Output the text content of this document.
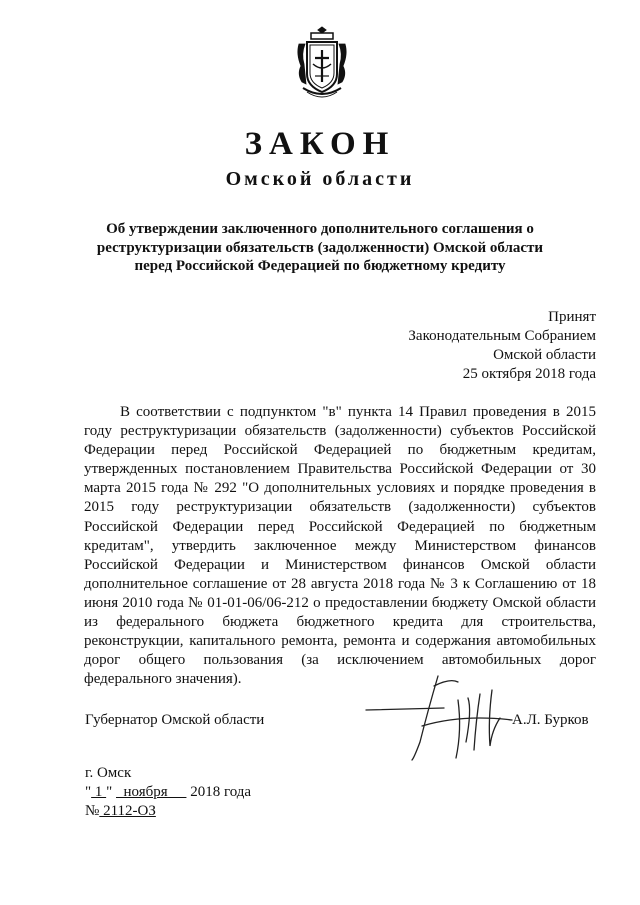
ЗАКОН
Омской области
Об утверждении заключенного дополнительного соглашения о реструктуризации обязательств (задолженности) Омской области перед Российской Федерацией по бюджетному кредиту
Принят
Законодательным Собранием
Омской области
25 октября 2018 года

В соответствии с подпунктом "в" пункта 14 Правил проведения в 2015 году реструктуризации обязательств (задолженности) субъектов Российской Федерации перед Российской Федерацией по бюджетным кредитам, утвержденных постановлением Правительства Российской Федерации от 30 марта 2015 года № 292 "О дополнительных условиях и порядке проведения в 2015 году реструктуризации обязательств (задолженности) субъектов Российской Федерации перед Российской Федерацией по бюджетным кредитам", утвердить заключенное между Министерством финансов Российской Федерации и Министерством финансов Омской области дополнительное соглашение от 28 августа 2018 года № 3 к Соглашению от 18 июня 2010 года № 01-01-06/06-212 о предоставлении бюджету Омской области из федерального бюджета бюджетного кредита для строительства, реконструкции, капитального ремонта, ремонта и содержания автомобильных дорог общего пользования (за исключением автомобильных дорог федерального значения).

Губернатор Омской области	А.Л. Бурков
г. Омск
" 1 "   ноября      2018 года
№ 2112-ОЗ
